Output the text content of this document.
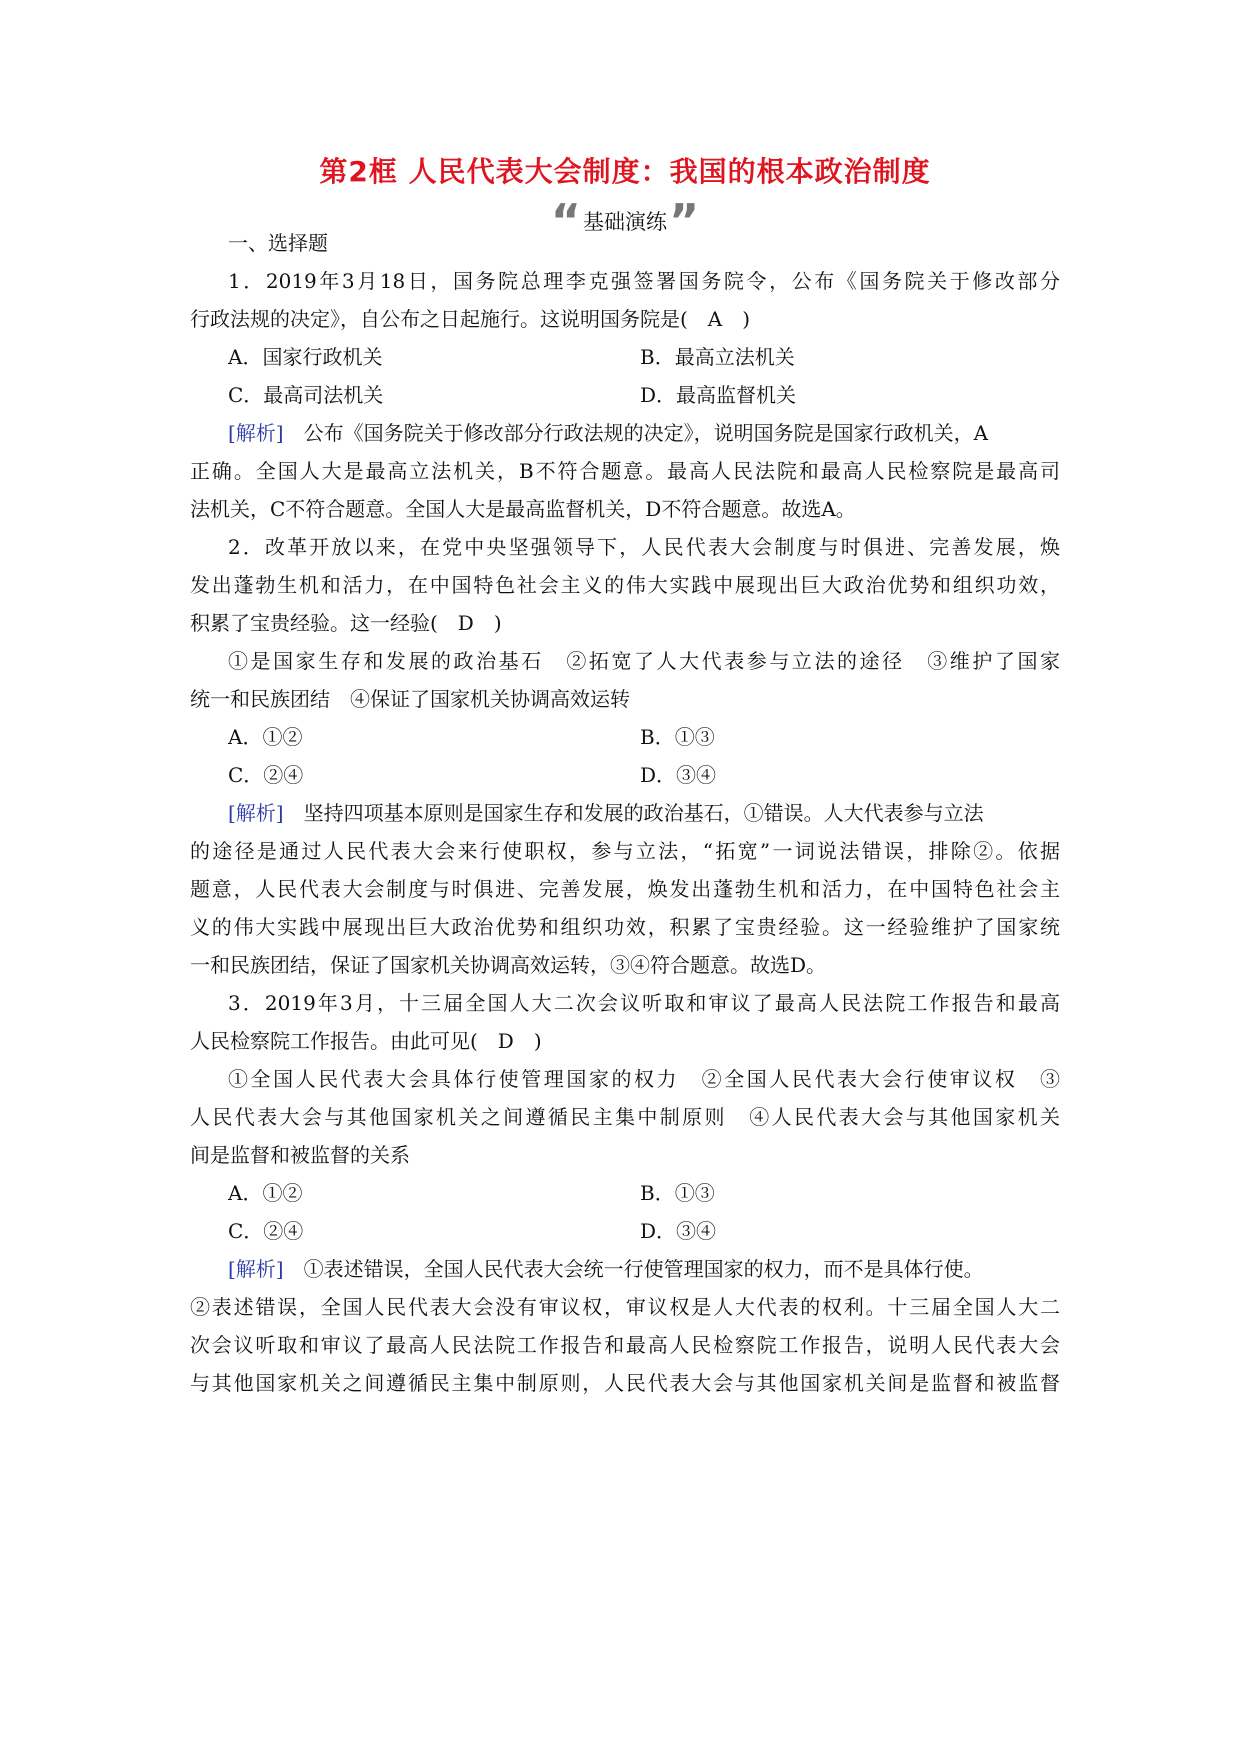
第2框 人民代表大会制度：我国的根本政治制度
“基础演练”
一、选择题
1．2019年3月18日，国务院总理李克强签署国务院令，公布《国务院关于修改部分
行政法规的决定》，自公布之日起施行。这说明国务院是(　A　)
A．国家行政机关	B．最高立法机关
C．最高司法机关	D．最高监督机关
[解析]　公布《国务院关于修改部分行政法规的决定》，说明国务院是国家行政机关，A
正确。全国人大是最高立法机关，B不符合题意。最高人民法院和最高人民检察院是最高司
法机关，C不符合题意。全国人大是最高监督机关，D不符合题意。故选A。
2．改革开放以来，在党中央坚强领导下，人民代表大会制度与时俱进、完善发展，焕
发出蓬勃生机和活力，在中国特色社会主义的伟大实践中展现出巨大政治优势和组织功效，
积累了宝贵经验。这一经验(　D　)
①是国家生存和发展的政治基石　②拓宽了人大代表参与立法的途径　③维护了国家
统一和民族团结　④保证了国家机关协调高效运转
A．①②	B．①③
C．②④	D．③④
[解析]　坚持四项基本原则是国家生存和发展的政治基石，①错误。人大代表参与立法
的途径是通过人民代表大会来行使职权，参与立法，“拓宽”一词说法错误，排除②。依据
题意，人民代表大会制度与时俱进、完善发展，焕发出蓬勃生机和活力，在中国特色社会主
义的伟大实践中展现出巨大政治优势和组织功效，积累了宝贵经验。这一经验维护了国家统
一和民族团结，保证了国家机关协调高效运转，③④符合题意。故选D。
3．2019年3月，十三届全国人大二次会议听取和审议了最高人民法院工作报告和最高
人民检察院工作报告。由此可见(　D　)
①全国人民代表大会具体行使管理国家的权力　②全国人民代表大会行使审议权　③
人民代表大会与其他国家机关之间遵循民主集中制原则　④人民代表大会与其他国家机关
间是监督和被监督的关系
A．①②	B．①③
C．②④	D．③④
[解析]　①表述错误，全国人民代表大会统一行使管理国家的权力，而不是具体行使。
②表述错误，全国人民代表大会没有审议权，审议权是人大代表的权利。十三届全国人大二
次会议听取和审议了最高人民法院工作报告和最高人民检察院工作报告，说明人民代表大会
与其他国家机关之间遵循民主集中制原则，人民代表大会与其他国家机关间是监督和被监督
